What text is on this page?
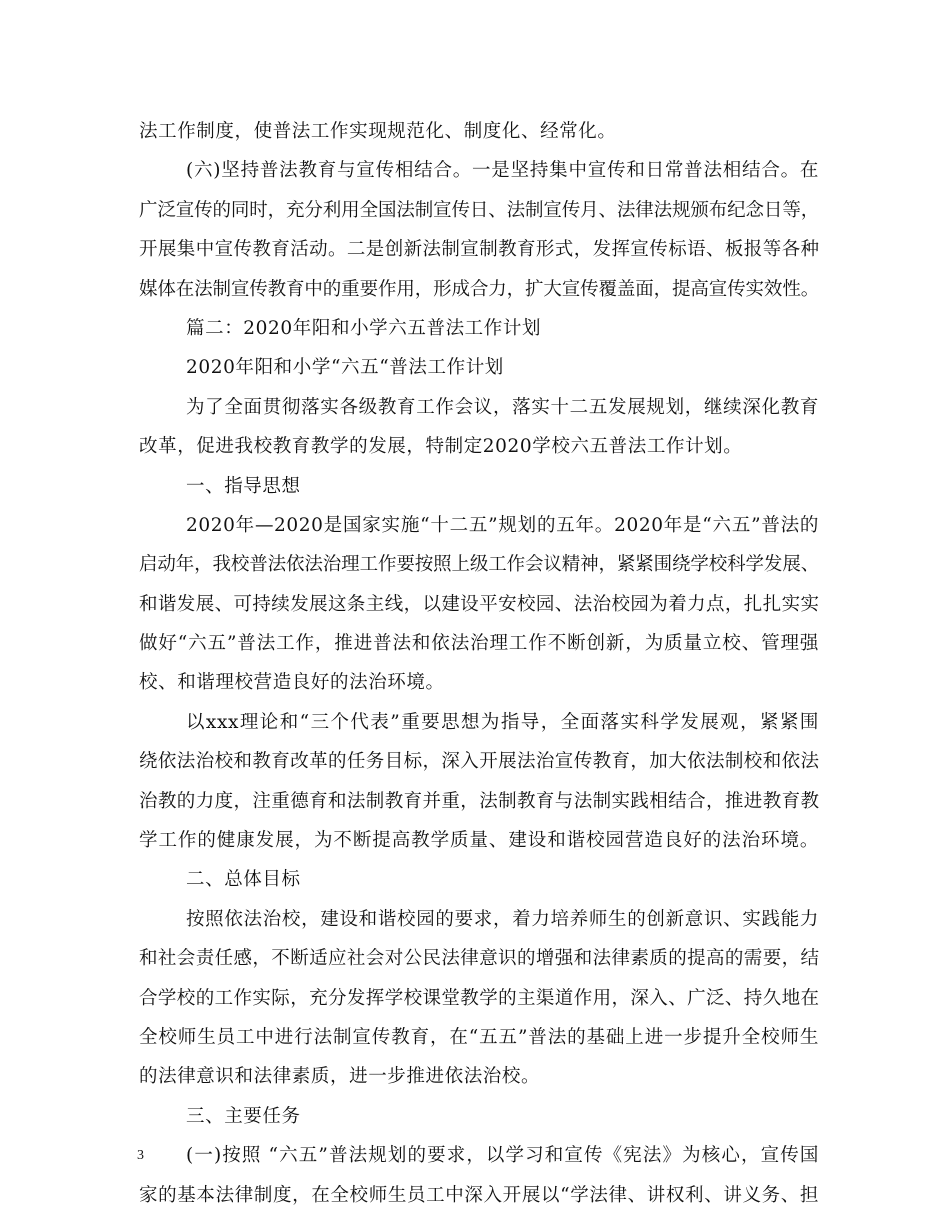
法工作制度，使普法工作实现规范化、制度化、经常化。
(六)坚持普法教育与宣传相结合。一是坚持集中宣传和日常普法相结合。在
广泛宣传的同时，充分利用全国法制宣传日、法制宣传月、法律法规颁布纪念日等，
开展集中宣传教育活动。二是创新法制宣制教育形式，发挥宣传标语、板报等各种
媒体在法制宣传教育中的重要作用，形成合力，扩大宣传覆盖面，提高宣传实效性。
篇二：2020年阳和小学六五普法工作计划
2020年阳和小学“六五“普法工作计划
为了全面贯彻落实各级教育工作会议，落实十二五发展规划，继续深化教育
改革，促进我校教育教学的发展，特制定2020学校六五普法工作计划。
一、指导思想
2020年—2020是国家实施“十二五”规划的五年。2020年是“六五”普法的
启动年，我校普法依法治理工作要按照上级工作会议精神，紧紧围绕学校科学发展、
和谐发展、可持续发展这条主线，以建设平安校园、法治校园为着力点，扎扎实实
做好“六五”普法工作，推进普法和依法治理工作不断创新，为质量立校、管理强
校、和谐理校营造良好的法治环境。
以xxx理论和“三个代表”重要思想为指导，全面落实科学发展观，紧紧围
绕依法治校和教育改革的任务目标，深入开展法治宣传教育，加大依法制校和依法
治教的力度，注重德育和法制教育并重，法制教育与法制实践相结合，推进教育教
学工作的健康发展，为不断提高教学质量、建设和谐校园营造良好的法治环境。
二、总体目标
按照依法治校，建设和谐校园的要求，着力培养师生的创新意识、实践能力
和社会责任感，不断适应社会对公民法律意识的增强和法律素质的提高的需要，结
合学校的工作实际，充分发挥学校课堂教学的主渠道作用，深入、广泛、持久地在
全校师生员工中进行法制宣传教育，在“五五”普法的基础上进一步提升全校师生
的法律意识和法律素质，进一步推进依法治校。
三、主要任务
(一)按照 “六五”普法规划的要求，以学习和宣传《宪法》为核心，宣传国
家的基本法律制度，在全校师生员工中深入开展以“学法律、讲权利、讲义务、担
3
